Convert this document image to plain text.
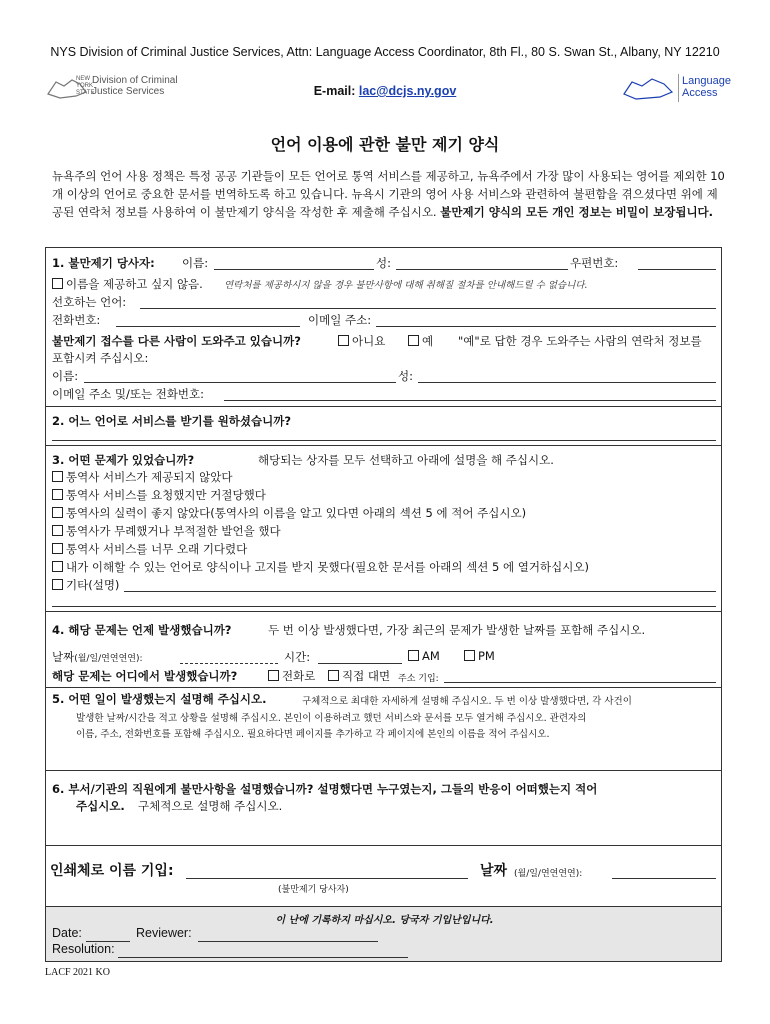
NYS Division of Criminal Justice Services, Attn: Language Access Coordinator, 8th Fl., 80 S. Swan St., Albany, NY 12210
NEW YORK STATE
Division of Criminal
Justice Services	E-mail: lac@dcjs.ny.gov
Language
Access
언어 이용에 관한 불만 제기 양식
뉴욕주의 언어 사용 정책은 특정 공공 기관들이 모든 언어로 통역 서비스를 제공하고, 뉴욕주에서 가장 많이 사용되는 영어를 제외한 10 개 이상의 언어로 중요한 문서를 번역하도록 하고 있습니다. 뉴욕시 기관의 영어 사용 서비스와 관련하여 불편함을 겪으셨다면 위에 제공된 연락처 정보를 사용하여 이 불만제기 양식을 작성한 후 제출해 주십시오. 불만제기 양식의 모든 개인 정보는 비밀이 보장됩니다.
1. 불만제기 당사자: 이름:	성:	우편번호:
이름을 제공하고 싶지 않음. 연락처를 제공하시지 않을 경우 불만사항에 대해 취해질 절차를 안내해드릴 수 없습니다.
선호하는 언어:
전화번호:	이메일 주소:
불만제기 접수를 다른 사람이 도와주고 있습니까?	아니요	예 "예"로 답한 경우 도와주는 사람의 연락처 정보를
포함시켜 주십시오:
이름:	성:
이메일 주소 및/또는 전화번호:
2. 어느 언어로 서비스를 받기를 원하셨습니까?
3. 어떤 문제가 있었습니까?	해당되는 상자를 모두 선택하고 아래에 설명을 해 주십시오.
통역사 서비스가 제공되지 않았다
통역사 서비스를 요청했지만 거절당했다
통역사의 실력이 좋지 않았다(통역사의 이름을 알고 있다면 아래의 섹션 5 에 적어 주십시오)
통역사가 무례했거나 부적절한 발언을 했다
통역사 서비스를 너무 오래 기다렸다
내가 이해할 수 있는 언어로 양식이나 고지를 받지 못했다(필요한 문서를 아래의 섹션 5 에 열거하십시오)
기타(설명)
4. 해당 문제는 언제 발생했습니까?	두 번 이상 발생했다면, 가장 최근의 문제가 발생한 날짜를 포함해 주십시오.
날짜(월/일/연연연연):	시간:	AM	PM
해당 문제는 어디에서 발생했습니까?	전화로	직접 대면 주소 기입:
5. 어떤 일이 발생했는지 설명해 주십시오.	구체적으로 최대한 자세하게 설명해 주십시오. 두 번 이상 발생했다면, 각 사건이
발생한 날짜/시간을 적고 상황을 설명해 주십시오. 본인이 이용하려고 했던 서비스와 문서를 모두 열거해 주십시오. 관련자의
이름, 주소, 전화번호를 포함해 주십시오. 필요하다면 페이지를 추가하고 각 페이지에 본인의 이름을 적어 주십시오.
6. 부서/기관의 직원에게 불만사항을 설명했습니까? 설명했다면 누구였는지, 그들의 반응이 어떠했는지 적어
주십시오. 구체적으로 설명해 주십시오.
인쇄체로 이름 기입:	날짜 (월/일/연연연연):
(불만제기 당사자)
이 난에 기록하지 마십시오. 당국자 기입난입니다.
Date:	Reviewer:
Resolution:
LACF 2021 KO
